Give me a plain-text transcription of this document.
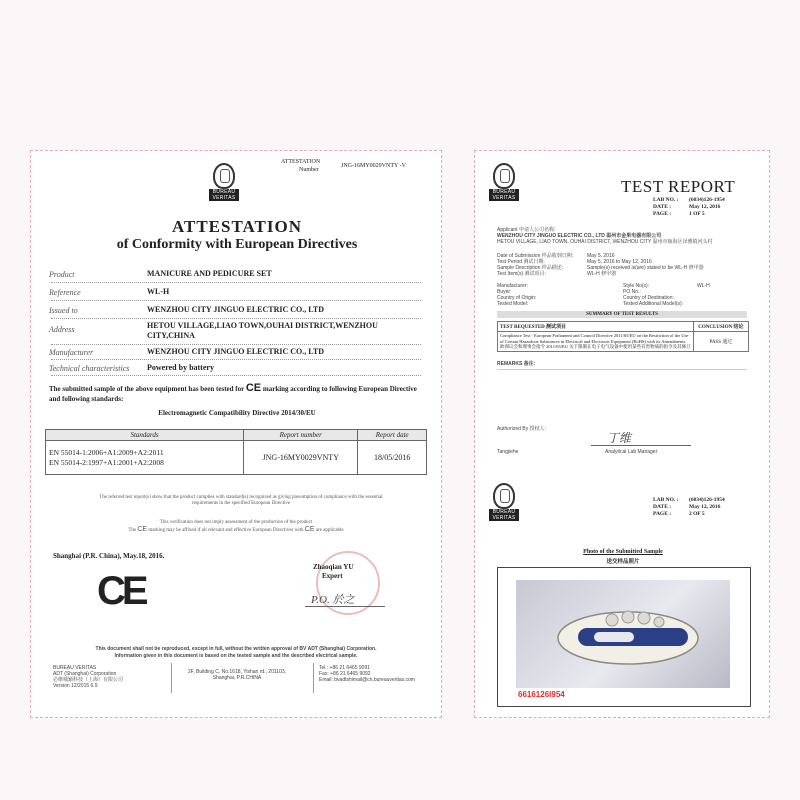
BUREAU VERITAS
ATTESTATION
Number
JNG-16MY0029VNTY -V
ATTESTATION
of Conformity with European Directives
Product	MANICURE AND PEDICURE SET
Reference	WL-H
Issued to	WENZHOU CITY JINGUO ELECTRIC CO., LTD
Address	HETOU VILLAGE,LIAO TOWN,OUHAI DISTRICT,WENZHOU CITY,CHINA
Manufacturer	WENZHOU CITY JINGUO ELECTRIC CO., LTD
Technical characteristics Powered by battery
The submitted sample of the above equipment has been tested for CE marking according to following European Directive and following standards:
Electromagnetic Compatibility Directive 2014/30/EU
Standards	Report number	Report date

EN 55014-1:2006+A1:2009+A2:2011
EN 55014-2:1997+A1:2001+A2:2008	JNG-16MY0029VNTY	18/05/2016
The referred test report(s) show that the product complies with standard(s) recognized as giving presumption of compliance with the essential requirements in the specified European Directive
This verification does not imply assessment of the production of the product
The CE marking may be affixed if all relevant and effective European Directives with CE are applicable
Shanghai (P.R. China), May.18, 2016.
Zhaoqian YU
Expert
P.O. 於之
CE
This document shall not be reproduced, except in full, without the written approval of BV ADT (Shanghai) Corporation.
Information given in this document is based on the tested sample and the described electrical sample.
BUREAU VERITAS
ADT (Shanghai) Corporation
必维城颖科技（上海）有限公司
Version 12/2015 6.9
2F, Building C, No.1618, Yishan rd., 201103,
Shanghai, P.R.CHINA
Tel.: +86 21 6465 9091
Fax: +86 21 6465 9092
Email: bvadtshimail@cn.bureauveritas.com
BUREAU VERITAS
TEST REPORT
LAB NO. : (6034)126-1954
DATE :	May 12, 2016
PAGE :	1 OF 5
Applicant 申请人公司名称:
WENZHOU CITY JINGUO ELECTRIC CO., LTD 温州市金果电器有限公司
HETOU VILLAGE, LIAO TOWN, OUHAI DISTRICT, WENZHOU CITY 温州市瓯海区泽雅镇河头村
Date of Submission 样品收到日期:	May 5, 2016
Test Period 测试日期:	May 5, 2016 to May 12, 2016
Sample Description 样品描述:	Sample(s) received is(are) stated to be WL-H 修甲器
Test Item(s) 测试项目:	WL-H 修甲器
Manufacturer:	Style No(s):	WL-H
Buyer:	PO No.:
Country of Origin:	Country of Destination:
Tested Model:	Tested Additional Model(s):
SUMMARY OF TEST RESULTS
TEST REQUESTED 测试项目	CONCLUSION 结论
Compliance Test - European Parliament and Council Directive 2011/65/EU on the Restriction of the Use of Certain Hazardous Substances in Electrical and Electronic Equipment (RoHS) with its Amendments. 欧洲议会和理事会指令 2011/65/EU 关于限制在电子电气设备中使用某些有害物质的指令及其修订	PASS 通过
REMARKS 备注:
Authorized By 授权人:
丁维
Tangjiehe	Analytical Lab Manager
BUREAU VERITAS
LAB NO. : (6034)126-1954
DATE :	May 12, 2016
PAGE :	2 OF 5
Photo of the Submitted Sample
送交样品照片
6616126l954
